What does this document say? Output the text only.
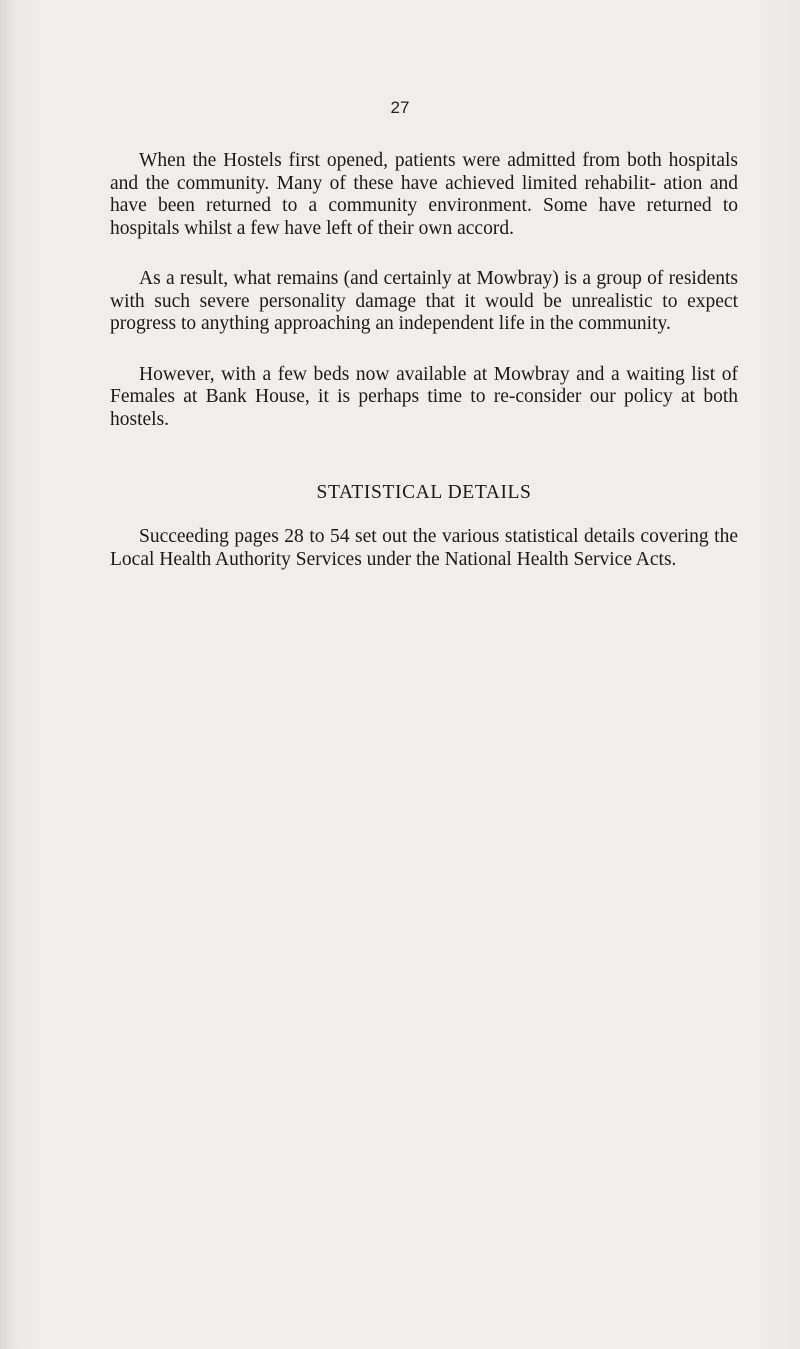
27

When the Hostels first opened, patients were admitted from both hospitals and the community. Many of these have achieved limited rehabilit- ation and have been returned to a community environment. Some have returned to hospitals whilst a few have left of their own accord.

As a result, what remains (and certainly at Mowbray) is a group of residents with such severe personality damage that it would be unrealistic to expect progress to anything approaching an independent life in the community.

However, with a few beds now available at Mowbray and a waiting list of Females at Bank House, it is perhaps time to re-consider our policy at both hostels.

STATISTICAL DETAILS

Succeeding pages 28 to 54 set out the various statistical details covering the Local Health Authority Services under the National Health Service Acts.
